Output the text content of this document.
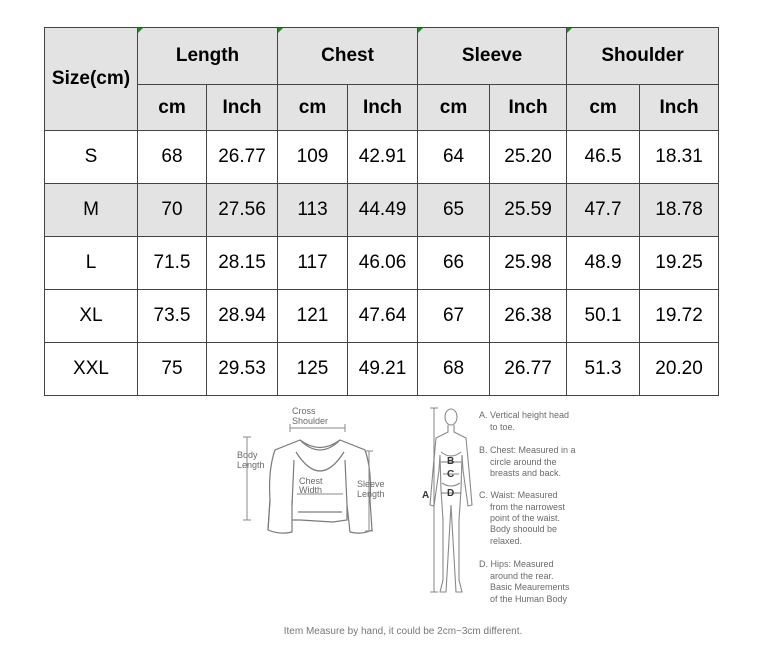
Size(cm)	Length		Chest		Sleeve		Shoulder	
	cm	Inch	cm	Inch	cm	Inch	cm	Inch
S	68	26.77	109	42.91	64	25.20	46.5	18.31
M	70	27.56	113	44.49	65	25.59	47.7	18.78
L	71.5	28.15	117	46.06	66	25.98	48.9	19.25
XL	73.5	28.94	121	47.64	67	26.38	50.1	19.72
XXL	75	29.53	125	49.21	68	26.77	51.3	20.20
Cross
Shoulder
Body
Length
Chest
Width
Sleeve
Length	A
B
C
D
A. Vertical height head
to toe.
B. Chest: Measured in a
circle around the
breasts and back.
C. Waist: Measured
from the narrowest
point of the waist.
Body shoould be
relaxed.
D. Hips: Measured
around the rear.
Basic Meaurements
of the Human Body
Item Measure by hand, it could be 2cm~3cm different.
